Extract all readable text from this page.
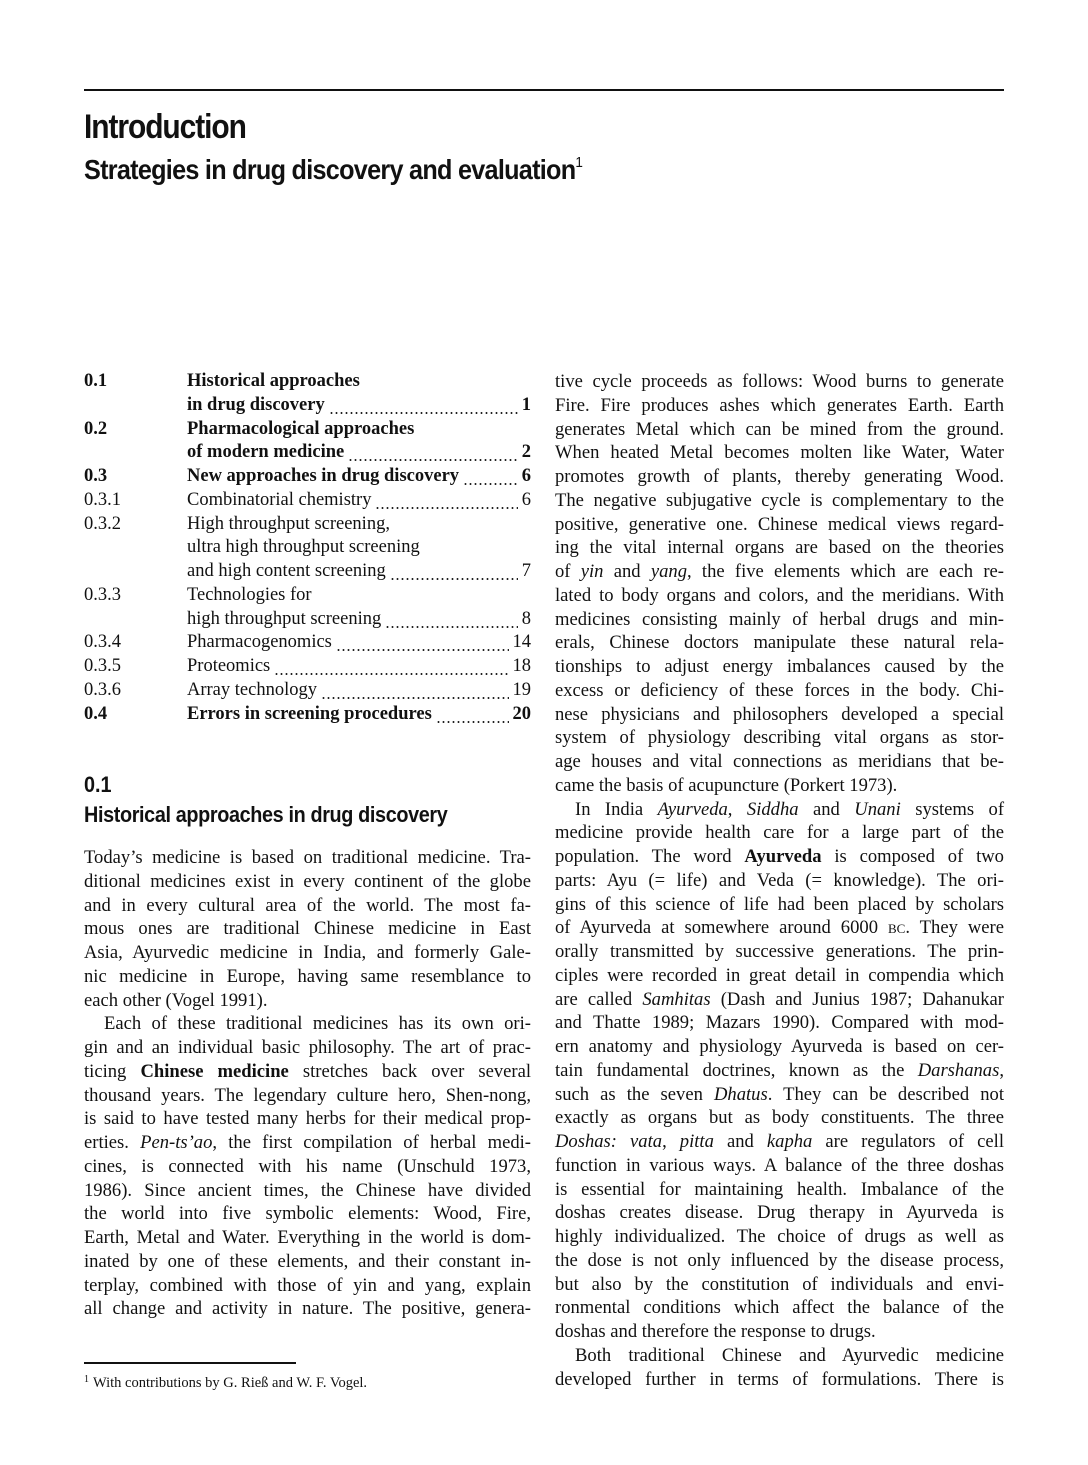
Introduction
Strategies in drug discovery and evaluation$^1$
0.1	Historical approaches
in drug discovery	1
0.2	Pharmacological approaches
of modern medicine	2
0.3	New approaches in drug discovery	6
0.3.1	Combinatorial chemistry	6
0.3.2	High throughput screening,
ultra high throughput screening
and high content screening	7
0.3.3	Technologies for
high throughput screening	8
0.3.4	Pharmacogenomics	14
0.3.5	Proteomics	18
0.3.6	Array technology	19
0.4	Errors in screening procedures	20
0.1
Historical approaches in drug discovery
Today’s medicine is based on traditional medicine. Tra-
ditional medicines exist in every continent of the globe
and in every cultural area of the world. The most fa-
mous ones are traditional Chinese medicine in East
Asia, Ayurvedic medicine in India, and formerly Gale-
nic medicine in Europe, having same resemblance to
each other (Vogel 1991).
Each of these traditional medicines has its own ori-
gin and an individual basic philosophy. The art of prac-
ticing Chinese medicine stretches back over several
thousand years. The legendary culture hero, Shen-nong,
is said to have tested many herbs for their medical prop-
erties. Pen-ts’ao, the first compilation of herbal medi-
cines, is connected with his name (Unschuld 1973,
1986). Since ancient times, the Chinese have divided
the world into five symbolic elements: Wood, Fire,
Earth, Metal and Water. Everything in the world is dom-
inated by one of these elements, and their constant in-
terplay, combined with those of yin and yang, explain
all change and activity in nature. The positive, genera-
tive cycle proceeds as follows: Wood burns to generate
Fire. Fire produces ashes which generates Earth. Earth
generates Metal which can be mined from the ground.
When heated Metal becomes molten like Water, Water
promotes growth of plants, thereby generating Wood.
The negative subjugative cycle is complementary to the
positive, generative one. Chinese medical views regard-
ing the vital internal organs are based on the theories
of yin and yang, the five elements which are each re-
lated to body organs and colors, and the meridians. With
medicines consisting mainly of herbal drugs and min-
erals, Chinese doctors manipulate these natural rela-
tionships to adjust energy imbalances caused by the
excess or deficiency of these forces in the body. Chi-
nese physicians and philosophers developed a special
system of physiology describing vital organs as stor-
age houses and vital connections as meridians that be-
came the basis of acupuncture (Porkert 1973).
In India Ayurveda, Siddha and Unani systems of
medicine provide health care for a large part of the
population. The word Ayurveda is composed of two
parts: Ayu (= life) and Veda (= knowledge). The ori-
gins of this science of life had been placed by scholars
of Ayurveda at somewhere around 6000 bc. They were
orally transmitted by successive generations. The prin-
ciples were recorded in great detail in compendia which
are called Samhitas (Dash and Junius 1987; Dahanukar
and Thatte 1989; Mazars 1990). Compared with mod-
ern anatomy and physiology Ayurveda is based on cer-
tain fundamental doctrines, known as the Darshanas,
such as the seven Dhatus. They can be described not
exactly as organs but as body constituents. The three
Doshas: vata, pitta and kapha are regulators of cell
function in various ways. A balance of the three doshas
is essential for maintaining health. Imbalance of the
doshas creates disease. Drug therapy in Ayurveda is
highly individualized. The choice of drugs as well as
the dose is not only influenced by the disease process,
but also by the constitution of individuals and envi-
ronmental conditions which affect the balance of the
doshas and therefore the response to drugs.
Both traditional Chinese and Ayurvedic medicine
developed further in terms of formulations. There is
$^1$ With contributions by G. Rieß and W. F. Vogel.
